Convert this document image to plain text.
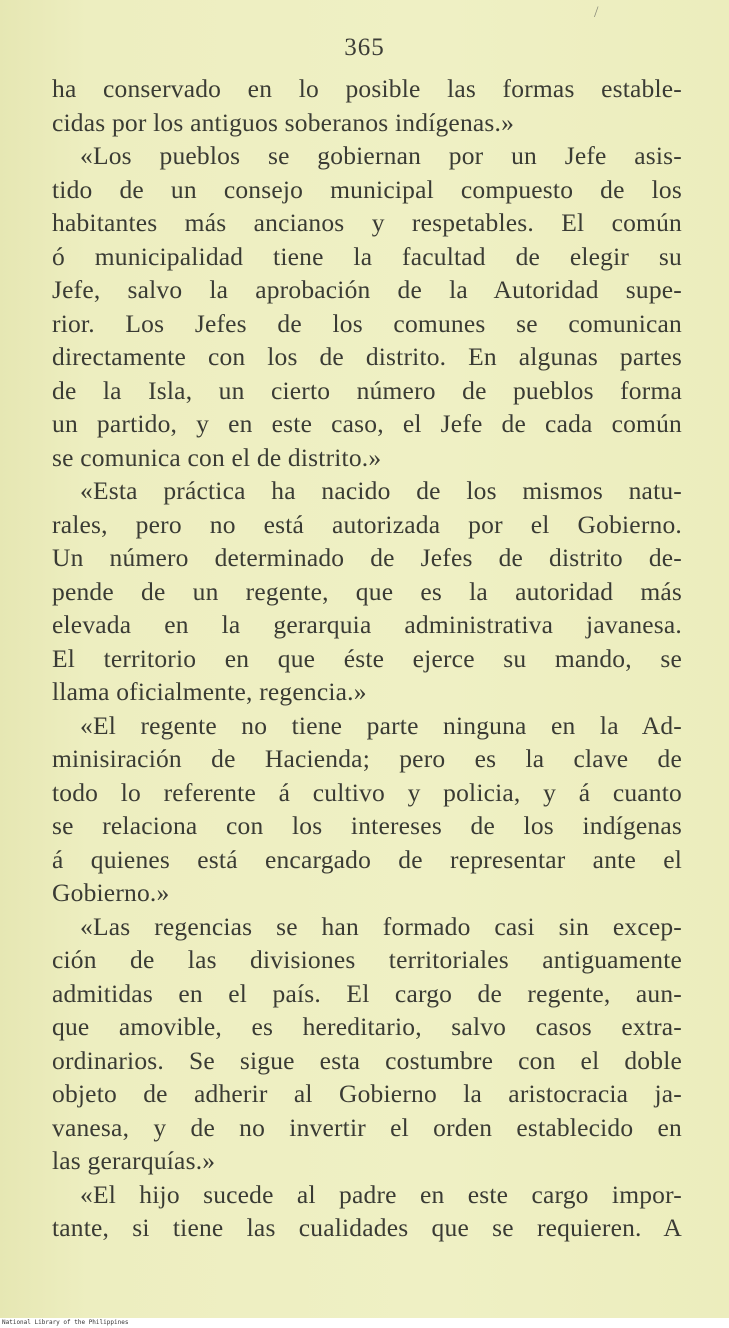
/
365
ha conservado en lo posible las formas estable-
cidas por los antiguos soberanos indígenas.»
«Los pueblos se gobiernan por un Jefe asis-
tido de un consejo municipal compuesto de los
habitantes más ancianos y respetables. El común
ó municipalidad tiene la facultad de elegir su
Jefe, salvo la aprobación de la Autoridad supe-
rior. Los Jefes de los comunes se comunican
directamente con los de distrito. En algunas partes
de la Isla, un cierto número de pueblos forma
un partido, y en este caso, el Jefe de cada común
se comunica con el de distrito.»
«Esta práctica ha nacido de los mismos natu-
rales, pero no está autorizada por el Gobierno.
Un número determinado de Jefes de distrito de-
pende de un regente, que es la autoridad más
elevada en la gerarquia administrativa javanesa.
El territorio en que éste ejerce su mando, se
llama oficialmente, regencia.»
«El regente no tiene parte ninguna en la Ad-
minisiración de Hacienda; pero es la clave de
todo lo referente á cultivo y policia, y á cuanto
se relaciona con los intereses de los indígenas
á quienes está encargado de representar ante el
Gobierno.»
«Las regencias se han formado casi sin excep-
ción de las divisiones territoriales antiguamente
admitidas en el país. El cargo de regente, aun-
que amovible, es hereditario, salvo casos extra-
ordinarios. Se sigue esta costumbre con el doble
objeto de adherir al Gobierno la aristocracia ja-
vanesa, y de no invertir el orden establecido en
las gerarquías.»
«El hijo sucede al padre en este cargo impor-
tante, si tiene las cualidades que se requieren. A
National Library of the Philippines
